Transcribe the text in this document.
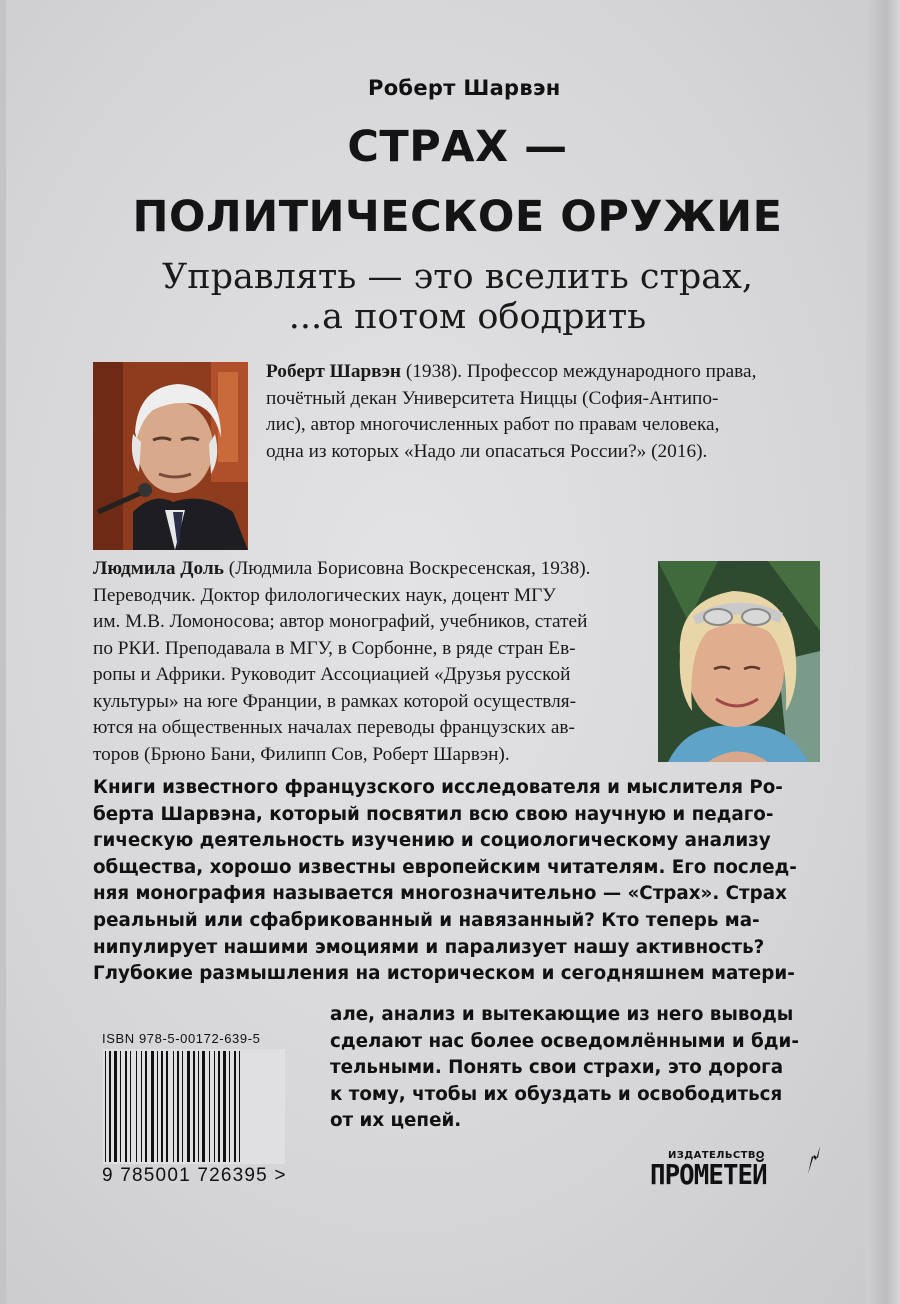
Роберт Шарвэн
СТРАХ —
ПОЛИТИЧЕСКОЕ ОРУЖИЕ
Управлять — это вселить страх,
...а потом ободрить
Роберт Шарвэн (1938). Профессор международного права,
почётный декан Университета Ниццы (София-Антипо-
лис), автор многочисленных работ по правам человека,
одна из которых «Надо ли опасаться России?» (2016).
Людмила Доль (Людмила Борисовна Воскресенская, 1938).
Переводчик. Доктор филологических наук, доцент МГУ
им. М.В. Ломоносова; автор монографий, учебников, статей
по РКИ. Преподавала в МГУ, в Сорбонне, в ряде стран Ев-
ропы и Африки. Руководит Ассоциацией «Друзья русской
культуры» на юге Франции, в рамках которой осуществля-
ются на общественных началах переводы французских ав-
торов (Брюно Бани, Филипп Сов, Роберт Шарвэн).
Книги известного французского исследователя и мыслителя Ро-
берта Шарвэна, который посвятил всю свою научную и педаго-
гическую деятельность изучению и социологическому анализу
общества, хорошо известны европейским читателям. Его послед-
няя монография называется многозначительно — «Страх». Страх
реальный или сфабрикованный и навязанный? Кто теперь ма-
нипулирует нашими эмоциями и парализует нашу активность?
Глубокие размышления на историческом и сегодняшнем матери-
але, анализ и вытекающие из него выводы
сделают нас более осведомлёнными и бди-
тельными. Понять свои страхи, это дорога
к тому, чтобы их обуздать и освободиться
от их цепей.
ISBN 978-5-00172-639-5
9 785001 726395 >
ИЗДАТЕЛЬСТВО
ПРОМЕТЕЙ
